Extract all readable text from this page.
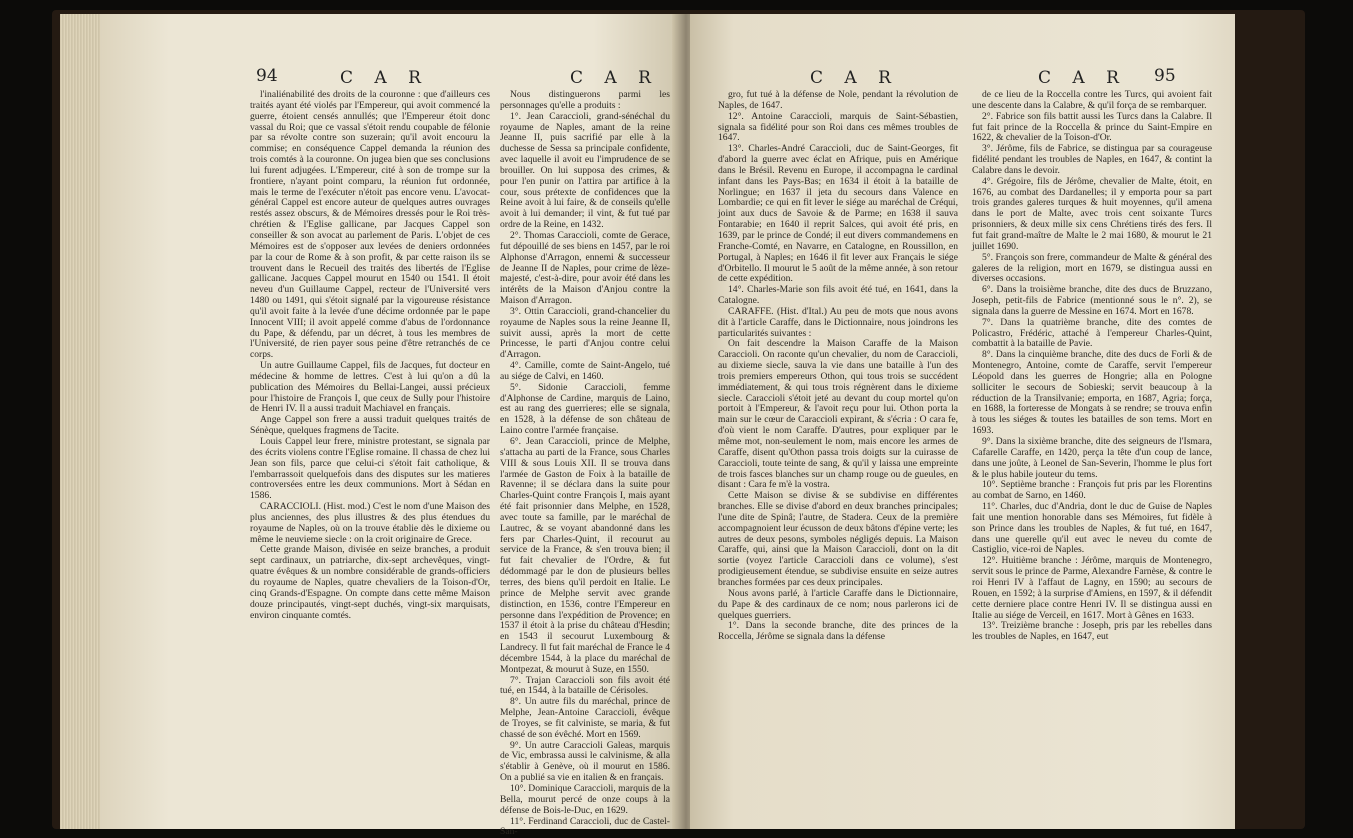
94	C A R	C A R

l'inaliénabilité des droits de la couronne : que d'ailleurs ces traités ayant été violés par l'Empereur, qui avoit commencé la guerre, étoient censés annullés; que l'Empereur étoit donc vassal du Roi; que ce vassal s'étoit rendu coupable de félonie par sa révolte contre son suzerain; qu'il avoit encouru la commise; en conséquence Cappel demanda la réunion des trois comtés à la couronne. On jugea bien que ses conclusions lui furent adjugées. L'Empereur, cité à son de trompe sur la frontiere, n'ayant point comparu, la réunion fut ordonnée, mais le terme de l'exécuter n'étoit pas encore venu. L'avocat-général Cappel est encore auteur de quelques autres ouvrages restés assez obscurs, & de Mémoires dressés pour le Roi très-chrétien & l'Eglise gallicane, par Jacques Cappel son conseiller & son avocat au parlement de Paris. L'objet de ces Mémoires est de s'opposer aux levées de deniers ordonnées par la cour de Rome & à son profit, & par cette raison ils se trouvent dans le Recueil des traités des libertés de l'Eglise gallicane. Jacques Cappel mourut en 1540 ou 1541. Il étoit neveu d'un Guillaume Cappel, recteur de l'Université vers 1480 ou 1491, qui s'étoit signalé par la vigoureuse résistance qu'il avoit faite à la levée d'une décime ordonnée par le pape Innocent VIII; il avoit appelé comme d'abus de l'ordonnance du Pape, & défendu, par un décret, à tous les membres de l'Université, de rien payer sous peine d'être retranchés de ce corps.

Un autre Guillaume Cappel, fils de Jacques, fut docteur en médecine & homme de lettres. C'est à lui qu'on a dû la publication des Mémoires du Bellai-Langei, aussi précieux pour l'histoire de François I, que ceux de Sully pour l'histoire de Henri IV. Il a aussi traduit Machiavel en français.

Ange Cappel son frere a aussi traduit quelques traités de Sénèque, quelques fragmens de Tacite.

Louis Cappel leur frere, ministre protestant, se signala par des écrits violens contre l'Eglise romaine. Il chassa de chez lui Jean son fils, parce que celui-ci s'étoit fait catholique, & l'embarrassoit quelquefois dans des disputes sur les matieres controversées entre les deux communions. Mort à Sédan en 1586.

CARACCIOLI. (Hist. mod.) C'est le nom d'une Maison des plus anciennes, des plus illustres & des plus étendues du royaume de Naples, où on la trouve établie dès le dixieme ou même le neuvieme siecle : on la croit originaire de Grece.

Cette grande Maison, divisée en seize branches, a produit sept cardinaux, un patriarche, dix-sept archevêques, vingt-quatre évêques & un nombre considérable de grands-officiers du royaume de Naples, quatre chevaliers de la Toison-d'Or, cinq Grands-d'Espagne. On compte dans cette même Maison douze principautés, vingt-sept duchés, vingt-six marquisats, environ cinquante comtés.

Nous distinguerons parmi les personnages qu'elle a produits :

1°. Jean Caraccioli, grand-sénéchal du royaume de Naples, amant de la reine Jeanne II, puis sacrifié par elle à la duchesse de Sessa sa principale confidente, avec laquelle il avoit eu l'imprudence de se brouiller. On lui supposa des crimes, & pour l'en punir on l'attira par artifice à la cour, sous prétexte de confidences que la Reine avoit à lui faire, & de conseils qu'elle avoit à lui demander; il vint, & fut tué par ordre de la Reine, en 1432.

2°. Thomas Caraccioli, comte de Gerace, fut dépouillé de ses biens en 1457, par le roi Alphonse d'Arragon, ennemi & successeur de Jeanne II de Naples, pour crime de lèze-majesté, c'est-à-dire, pour avoir été dans les intérêts de la Maison d'Anjou contre la Maison d'Arragon.

3°. Ottin Caraccioli, grand-chancelier du royaume de Naples sous la reine Jeanne II, suivit aussi, après la mort de cette Princesse, le parti d'Anjou contre celui d'Arragon.

4°. Camille, comte de Saint-Angelo, tué au siége de Calvi, en 1460.

5°. Sidonie Caraccioli, femme d'Alphonse de Cardine, marquis de Laino, est au rang des guerrieres; elle se signala, en 1528, à la défense de son château de Laino contre l'armée française.

6°. Jean Caraccioli, prince de Melphe, s'attacha au parti de la France, sous Charles VIII & sous Louis XII. Il se trouva dans l'armée de Gaston de Foix à la bataille de Ravenne; il se déclara dans la suite pour Charles-Quint contre François I, mais ayant été fait prisonnier dans Melphe, en 1528, avec toute sa famille, par le maréchal de Lautrec, & se voyant abandonné dans les fers par Charles-Quint, il recourut au service de la France, & s'en trouva bien; il fut fait chevalier de l'Ordre, & fut dédommagé par le don de plusieurs belles terres, des biens qu'il perdoit en Italie. Le prince de Melphe servit avec grande distinction, en 1536, contre l'Empereur en personne dans l'expédition de Provence; en 1537 il étoit à la prise du château d'Hesdin; en 1543 il secourut Luxembourg & Landrecy. Il fut fait maréchal de France le 4 décembre 1544, à la place du maréchal de Montpezat, & mourut à Suze, en 1550.

7°. Trajan Caraccioli son fils avoit été tué, en 1544, à la bataille de Cérisoles.

8°. Un autre fils du maréchal, prince de Melphe, Jean-Antoine Caraccioli, évêque de Troyes, se fit calviniste, se maria, & fut chassé de son évêché. Mort en 1569.

9°. Un autre Caraccioli Galeas, marquis de Vic, embrassa aussi le calvinisme, & alla s'établir à Genève, où il mourut en 1586. On a publié sa vie en italien & en français.

10°. Dominique Caraccioli, marquis de la Bella, mourut percé de onze coups à la défense de Bois-le-Duc, en 1629.

11°. Ferdinand Caraccioli, duc de Castel-San-

C A R	C A R 95

gro, fut tué à la défense de Nole, pendant la révolution de Naples, de 1647.

12°. Antoine Caraccioli, marquis de Saint-Sébastien, signala sa fidélité pour son Roi dans ces mêmes troubles de 1647.

13°. Charles-André Caraccioli, duc de Saint-Georges, fit d'abord la guerre avec éclat en Afrique, puis en Amérique dans le Brésil. Revenu en Europe, il accompagna le cardinal infant dans les Pays-Bas; en 1634 il étoit à la bataille de Norlingue; en 1637 il jeta du secours dans Valence en Lombardie; ce qui en fit lever le siége au maréchal de Créqui, joint aux ducs de Savoie & de Parme; en 1638 il sauva Fontarabie; en 1640 il reprit Salces, qui avoit été pris, en 1639, par le prince de Condé; il eut divers commandemens en Franche-Comté, en Navarre, en Catalogne, en Roussillon, en Portugal, à Naples; en 1646 il fit lever aux Français le siége d'Orbitello. Il mourut le 5 août de la même année, à son retour de cette expédition.

14°. Charles-Marie son fils avoit été tué, en 1641, dans la Catalogne.

CARAFFE. (Hist. d'Ital.) Au peu de mots que nous avons dit à l'article Caraffe, dans le Dictionnaire, nous joindrons les particularités suivantes :

On fait descendre la Maison Caraffe de la Maison Caraccioli. On raconte qu'un chevalier, du nom de Caraccioli, au dixieme siecle, sauva la vie dans une bataille à l'un des trois premiers empereurs Othon, qui tous trois se succédent immédiatement, & qui tous trois régnèrent dans le dixieme siecle. Caraccioli s'étoit jeté au devant du coup mortel qu'on portoit à l'Empereur, & l'avoit reçu pour lui. Othon porta la main sur le cœur de Caraccioli expirant, & s'écria : O cara fe, d'où vient le nom Caraffe. D'autres, pour expliquer par le même mot, non-seulement le nom, mais encore les armes de Caraffe, disent qu'Othon passa trois doigts sur la cuirasse de Caraccioli, toute teinte de sang, & qu'il y laissa une empreinte de trois fasces blanches sur un champ rouge ou de gueules, en disant : Cara fe m'è la vostra.

Cette Maison se divise & se subdivise en différentes branches. Elle se divise d'abord en deux branches principales; l'une dite de Spinâ; l'autre, de Stadera. Ceux de la première accompagnoient leur écusson de deux bâtons d'épine verte; les autres de deux pesons, symboles négligés depuis. La Maison Caraffe, qui, ainsi que la Maison Caraccioli, dont on la dit sortie (voyez l'article Caraccioli dans ce volume), s'est prodigieusement étendue, se subdivise ensuite en seize autres branches formées par ces deux principales.

Nous avons parlé, à l'article Caraffe dans le Dictionnaire, du Pape & des cardinaux de ce nom; nous parlerons ici de quelques guerriers.

1°. Dans la seconde branche, dite des princes de la Roccella, Jérôme se signala dans la défense

de ce lieu de la Roccella contre les Turcs, qui avoient fait une descente dans la Calabre, & qu'il força de se rembarquer.

2°. Fabrice son fils battit aussi les Turcs dans la Calabre. Il fut fait prince de la Roccella & prince du Saint-Empire en 1622, & chevalier de la Toison-d'Or.

3°. Jérôme, fils de Fabrice, se distingua par sa courageuse fidélité pendant les troubles de Naples, en 1647, & contint la Calabre dans le devoir.

4°. Grégoire, fils de Jérôme, chevalier de Malte, étoit, en 1676, au combat des Dardanelles; il y emporta pour sa part trois grandes galeres turques & huit moyennes, qu'il amena dans le port de Malte, avec trois cent soixante Turcs prisonniers, & deux mille six cens Chrétiens tirés des fers. Il fut fait grand-maître de Malte le 2 mai 1680, & mourut le 21 juillet 1690.

5°. François son frere, commandeur de Malte & général des galeres de la religion, mort en 1679, se distingua aussi en diverses occasions.

6°. Dans la troisième branche, dite des ducs de Bruzzano, Joseph, petit-fils de Fabrice (mentionné sous le n°. 2), se signala dans la guerre de Messine en 1674. Mort en 1678.

7°. Dans la quatrième branche, dite des comtes de Policastro, Frédéric, attaché à l'empereur Charles-Quint, combattit à la bataille de Pavie.

8°. Dans la cinquième branche, dite des ducs de Forli & de Montenegro, Antoine, comte de Caraffe, servit l'empereur Léopold dans les guerres de Hongrie; alla en Pologne solliciter le secours de Sobieski; servit beaucoup à la réduction de la Transilvanie; emporta, en 1687, Agria; força, en 1688, la forteresse de Mongats à se rendre; se trouva enfin à tous les siéges & toutes les batailles de son tems. Mort en 1693.

9°. Dans la sixième branche, dite des seigneurs de l'Ismara, Cafarelle Caraffe, en 1420, perça la tête d'un coup de lance, dans une joûte, à Leonel de San-Severin, l'homme le plus fort & le plus habile jouteur du tems.

10°. Septième branche : François fut pris par les Florentins au combat de Sarno, en 1460.

11°. Charles, duc d'Andria, dont le duc de Guise de Naples fait une mention honorable dans ses Mémoires, fut fidèle à son Prince dans les troubles de Naples, & fut tué, en 1647, dans une querelle qu'il eut avec le neveu du comte de Castiglio, vice-roi de Naples.

12°. Huitième branche : Jérôme, marquis de Montenegro, servit sous le prince de Parme, Alexandre Farnèse, & contre le roi Henri IV à l'affaut de Lagny, en 1590; au secours de Rouen, en 1592; à la surprise d'Amiens, en 1597, & il défendit cette derniere place contre Henri IV. Il se distingua aussi en Italie au siége de Verceil, en 1617. Mort à Gênes en 1633.

13°. Treizième branche : Joseph, pris par les rebelles dans les troubles de Naples, en 1647, eut
